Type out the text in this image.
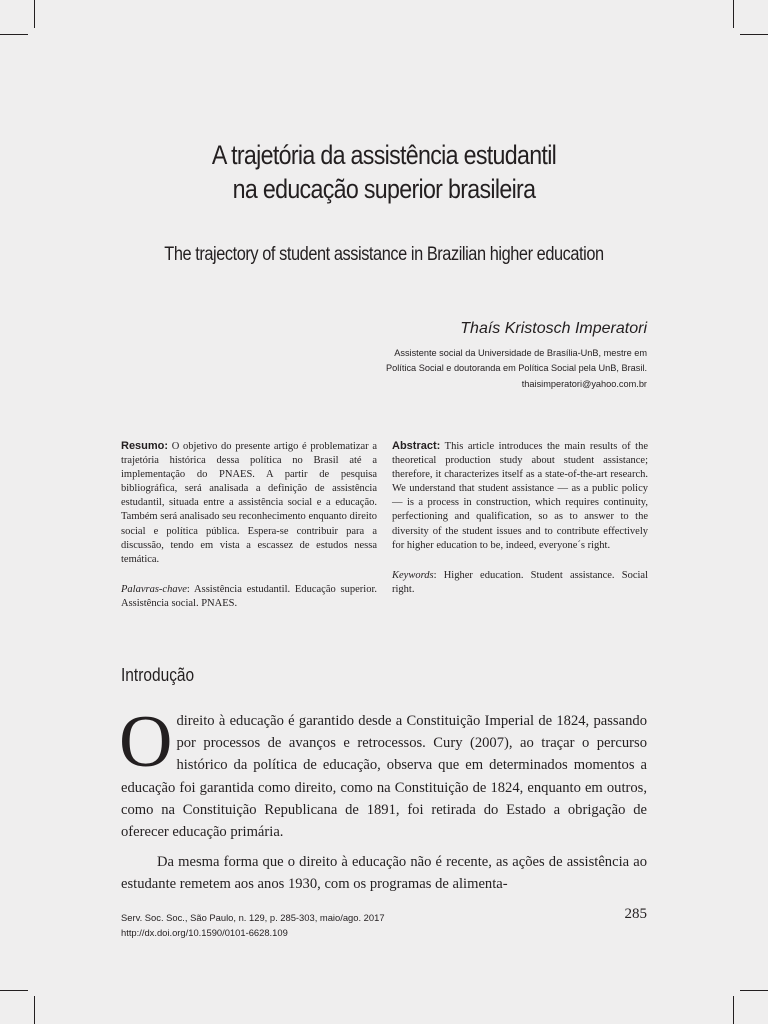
A trajetória da assistência estudantil
na educação superior brasileira
The trajectory of student assistance in Brazilian higher education
Thaís Kristosch Imperatori
Assistente social da Universidade de Brasília-UnB, mestre em
Política Social e doutoranda em Política Social pela UnB, Brasil.
thaisimperatori@yahoo.com.br
Resumo: O objetivo do presente artigo é problematizar a trajetória histórica dessa política no Brasil até a implementação do PNAES. A partir de pesquisa bibliográfica, será analisada a definição de assistência estudantil, situada entre a assistência social e a educação. Também será analisado seu reconhecimento enquanto direito social e política pública. Espera-se contribuir para a discussão, tendo em vista a escassez de estudos nessa temática.
Palavras-chave: Assistência estudantil. Educação superior. Assistência social. PNAES.
Abstract: This article introduces the main results of the theoretical production study about student assistance; therefore, it characterizes itself as a state-of-the-art research. We understand that student assistance — as a public policy — is a process in construction, which requires continuity, perfectioning and qualification, so as to answer to the diversity of the student issues and to contribute effectively for higher education to be, indeed, everyone´s right.
Keywords: Higher education. Student assistance. Social right.
Introdução

Odireito à educação é garantido desde a Constituição Imperial de 1824, passando por processos de avanços e retrocessos. Cury (2007), ao traçar o percurso histórico da política de educação, observa que em determinados momentos a educação foi garantida como direito, como na Constituição de 1824, enquanto em outros, como na Constituição Republicana de 1891, foi retirada do Estado a obrigação de oferecer educação primária.

Da mesma forma que o direito à educação não é recente, as ações de assistência ao estudante remetem aos anos 1930, com os programas de alimenta-

Serv. Soc. Soc., São Paulo, n. 129, p. 285-303, maio/ago. 2017
http://dx.doi.org/10.1590/0101-6628.109
285
